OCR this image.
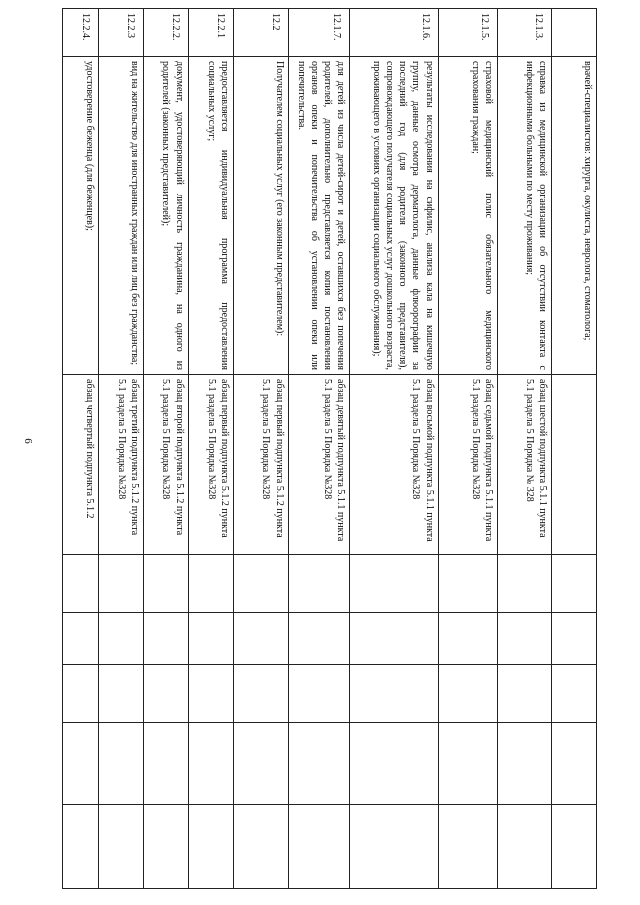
6
	врачей-специалистов: хирурга, окулиста, невролога, стоматолога;						
12.1.3.	справка из медицинской организации об отсутствии контакта с инфекционными больными по месту проживания;	абзац шестой подпункта 5.1.1 пункта 5.1 раздела 5 Порядка № 328					
12.1.5.	страховой медицинский полис обязательного медицинского страхования граждан;	абзац седьмой подпункта 5.1.1 пункта 5.1 раздела 5 Порядка №328					
12.1.6.	результаты исследования на сифилис, анализа кала на кишечную группу, данные осмотра дерматолога, данные флюорографии за последний год (для родителя (законного представителя), сопровождающего получателя социальных услуг дошкольного возраста, проживающего в условиях организации социального обслуживания);	абзац восьмой подпункта 5.1.1 пункта 5.1 раздела 5 Порядка №328					
12.1.7.	для детей из числа детей-сирот и детей, оставшихся без попечения родителей, дополнительно представляется копия постановления органов опеки и попечительства об установлении опеки или попечительства.	абзац девятый подпункта 5.1.1 пункта 5.1 раздела 5 Порядка №328					
12.2	Получателем социальных услуг (его законным представителем):	абзац первый подпункта 5.1.2 пункта 5.1 раздела 5 Порядка №328					
12.2.1	предоставляется индивидуальная программа предоставления социальных услуг;	абзац первый подпункта 5.1.2 пункта 5.1 раздела 5 Порядка №328					
12.2.2.	документ, удостоверяющий личность гражданина, на одного из родителей (законных представителей);	абзац второй подпункта 5.1.2 пункта 5.1 раздела 5 Порядка №328					
12.2.3	вид на жительство для иностранных граждан или лиц без гражданства;	абзац третий подпункта 5.1.2 пункта 5.1 раздела 5 Порядка №328					
12.2.4.	удостоверение беженца (для беженцев);	абзац четвертый подпункта 5.1.2					
